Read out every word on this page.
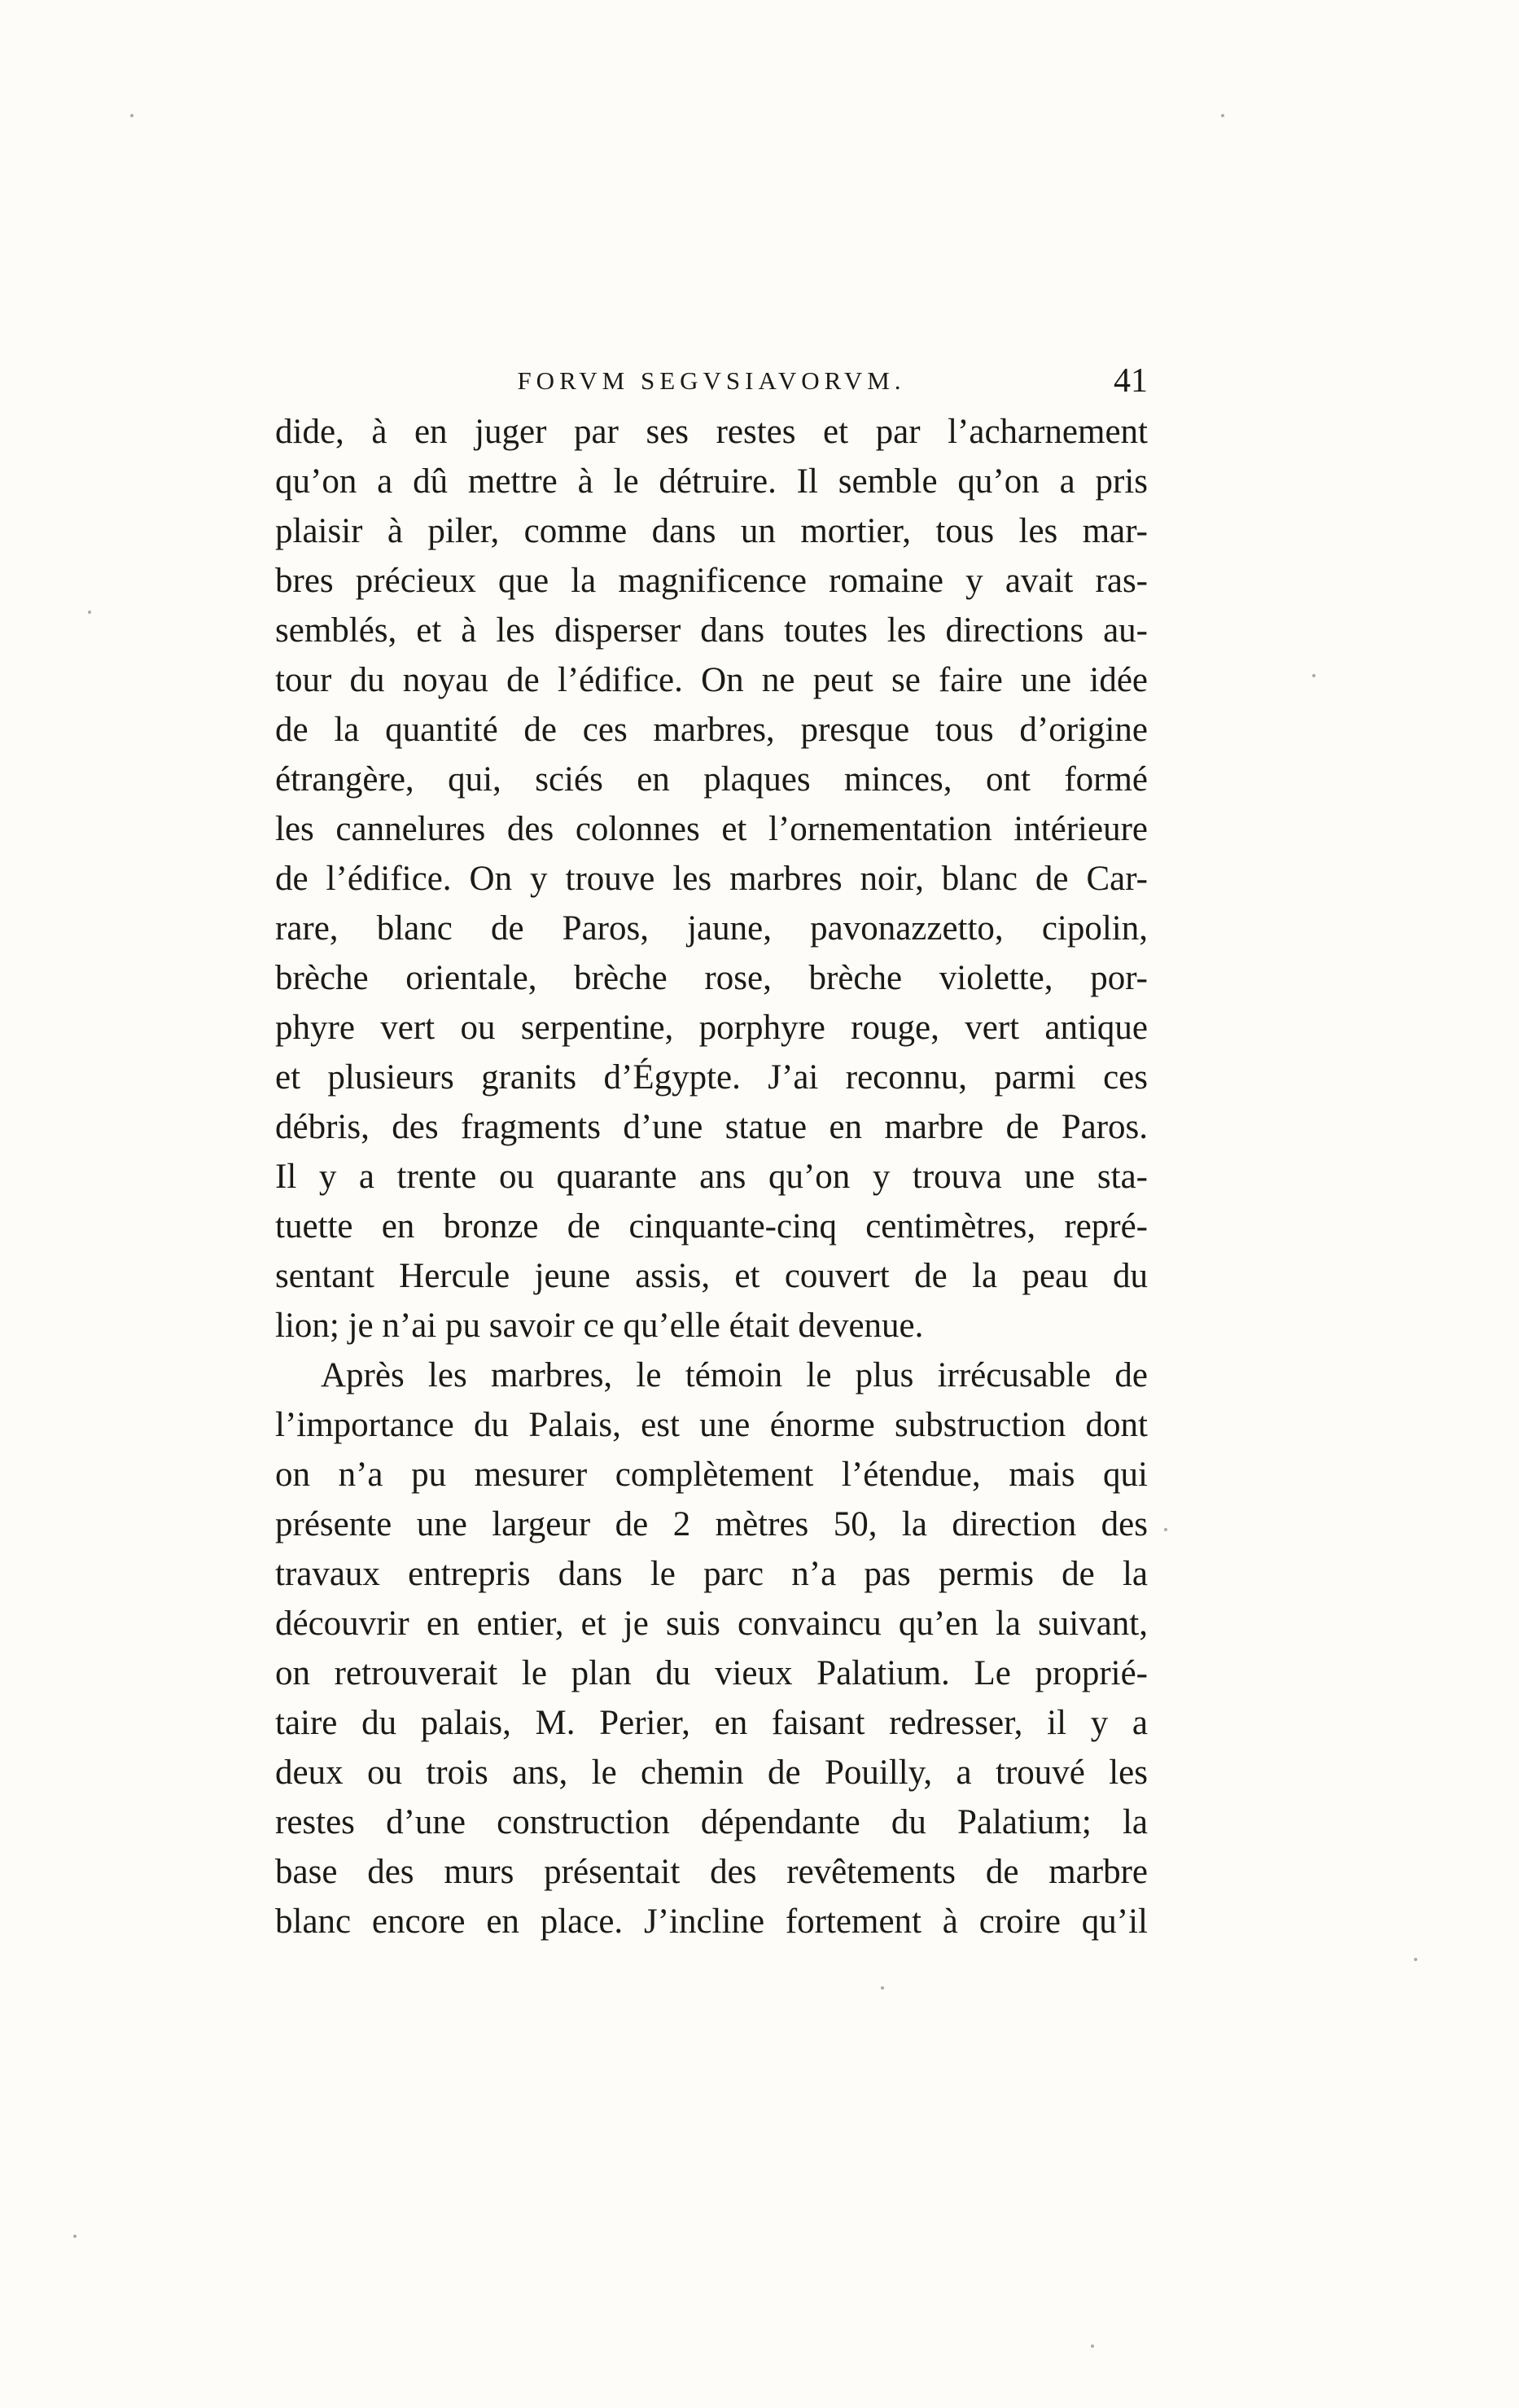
FORVM SEGVSIAVORVM.	41

dide, à en juger par ses restes et par l’acharnement
qu’on a dû mettre à le détruire. Il semble qu’on a pris
plaisir à piler, comme dans un mortier, tous les mar-
bres précieux que la magnificence romaine y avait ras-
semblés, et à les disperser dans toutes les directions au-
tour du noyau de l’édifice. On ne peut se faire une idée
de la quantité de ces marbres, presque tous d’origine
étrangère, qui, sciés en plaques minces, ont formé
les cannelures des colonnes et l’ornementation intérieure
de l’édifice. On y trouve les marbres noir, blanc de Car-
rare, blanc de Paros, jaune, pavonazzetto, cipolin,
brèche orientale, brèche rose, brèche violette, por-
phyre vert ou serpentine, porphyre rouge, vert antique
et plusieurs granits d’Égypte. J’ai reconnu, parmi ces
débris, des fragments d’une statue en marbre de Paros.
Il y a trente ou quarante ans qu’on y trouva une sta-
tuette en bronze de cinquante-cinq centimètres, repré-
sentant Hercule jeune assis, et couvert de la peau du
lion; je n’ai pu savoir ce qu’elle était devenue.

Après les marbres, le témoin le plus irrécusable de
l’importance du Palais, est une énorme substruction dont
on n’a pu mesurer complètement l’étendue, mais qui
présente une largeur de 2 mètres 50, la direction des
travaux entrepris dans le parc n’a pas permis de la
découvrir en entier, et je suis convaincu qu’en la suivant,
on retrouverait le plan du vieux Palatium. Le proprié-
taire du palais, M. Perier, en faisant redresser, il y a
deux ou trois ans, le chemin de Pouilly, a trouvé les
restes d’une construction dépendante du Palatium; la
base des murs présentait des revêtements de marbre
blanc encore en place. J’incline fortement à croire qu’il
